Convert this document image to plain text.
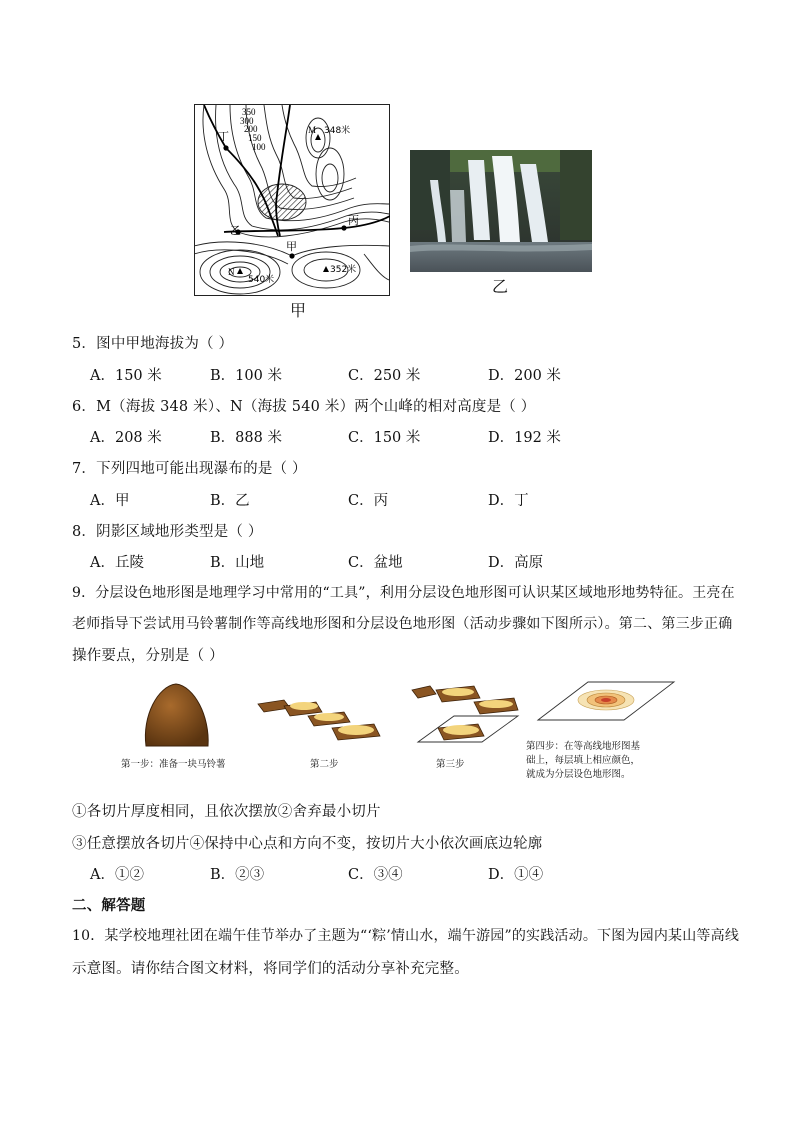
350
300
200
150
100
丁
乙
甲
丙
M 348米
N
540米
352米
甲
乙
5．图中甲地海拔为（ ）
A．150 米	B．100 米	C．250 米	D．200 米
6．M（海拔 348 米）、N（海拔 540 米）两个山峰的相对高度是（ ）
A．208 米	B．888 米	C．150 米	D．192 米
7．下列四地可能出现瀑布的是（ ）
A．甲	B．乙	C．丙	D．丁
8．阴影区域地形类型是（ ）
A．丘陵	B．山地	C．盆地	D．高原
9．分层设色地形图是地理学习中常用的“工具”，利用分层设色地形图可认识某区域地形地势特征。王亮在
老师指导下尝试用马铃薯制作等高线地形图和分层设色地形图（活动步骤如下图所示）。第二、第三步正确
操作要点，分别是（ ）
第一步：准备一块马铃薯	第二步	第三步
第四步：在等高线地形图基
础上，每层填上相应颜色，
就成为分层设色地形图。
①各切片厚度相同，且依次摆放②舍弃最小切片
③任意摆放各切片④保持中心点和方向不变，按切片大小依次画底边轮廓
A．①②	B．②③	C．③④	D．①④
二、解答题
10．某学校地理社团在端午佳节举办了主题为“‘粽’情山水，端午游园”的实践活动。下图为园内某山等高线
示意图。请你结合图文材料，将同学们的活动分享补充完整。
